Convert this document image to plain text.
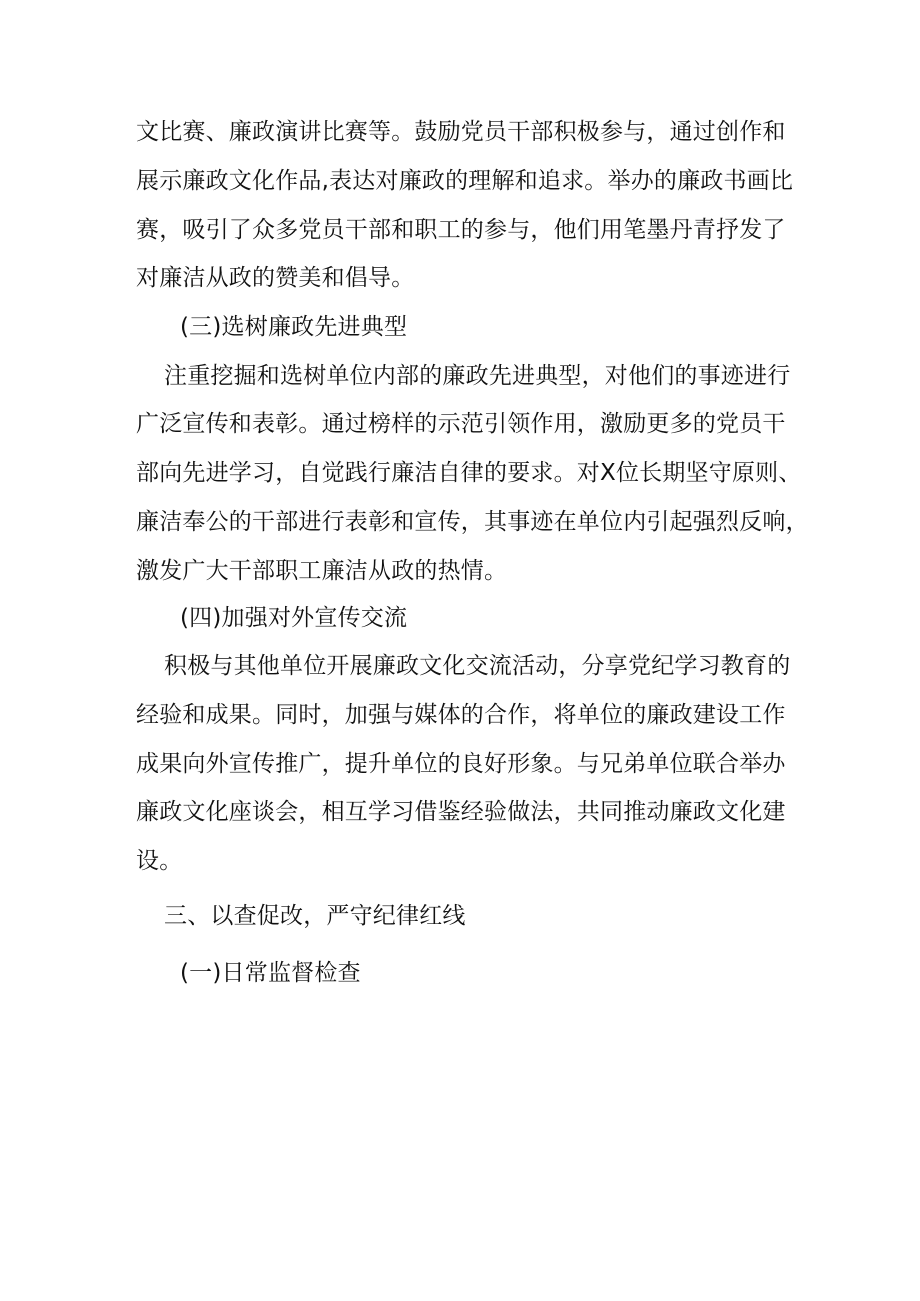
文比赛、廉政演讲比赛等。鼓励党员干部积极参与，通过创作和
展示廉政文化作品,表达对廉政的理解和追求。举办的廉政书画比
赛，吸引了众多党员干部和职工的参与，他们用笔墨丹青抒发了
对廉洁从政的赞美和倡导。
(三)选树廉政先进典型
注重挖掘和选树单位内部的廉政先进典型，对他们的事迹进行
广泛宣传和表彰。通过榜样的示范引领作用，激励更多的党员干
部向先进学习，自觉践行廉洁自律的要求。对X位长期坚守原则、
廉洁奉公的干部进行表彰和宣传，其事迹在单位内引起强烈反响，
激发广大干部职工廉洁从政的热情。
(四)加强对外宣传交流
积极与其他单位开展廉政文化交流活动，分享党纪学习教育的
经验和成果。同时，加强与媒体的合作，将单位的廉政建设工作
成果向外宣传推广，提升单位的良好形象。与兄弟单位联合举办
廉政文化座谈会，相互学习借鉴经验做法，共同推动廉政文化建
设。
三、以查促改，严守纪律红线
(一)日常监督检查
